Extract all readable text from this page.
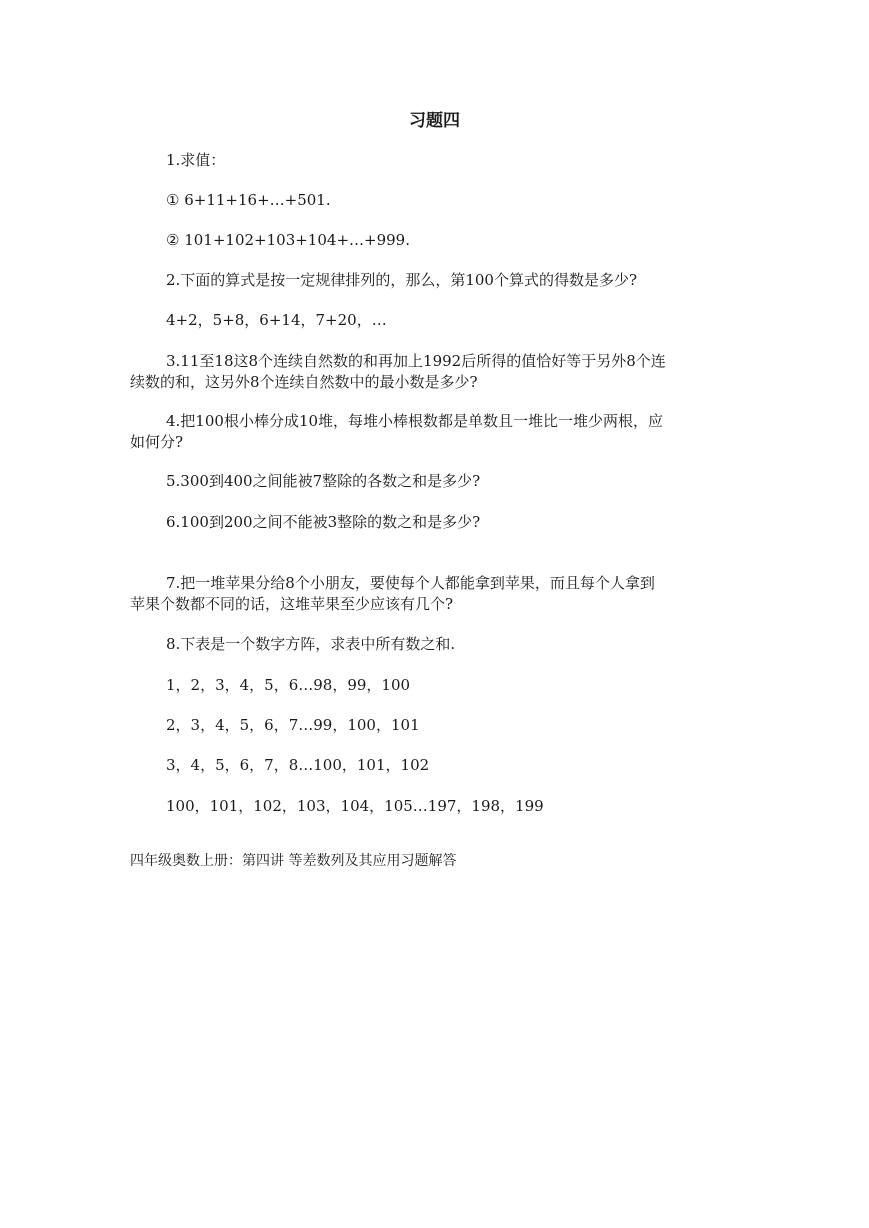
习题四
1.求值：
① 6+11+16+…+501.
② 101+102+103+104+…+999.
2.下面的算式是按一定规律排列的，那么，第100个算式的得数是多少?
4+2，5+8，6+14，7+20，…
3.11至18这8个连续自然数的和再加上1992后所得的值恰好等于另外8个连
续数的和，这另外8个连续自然数中的最小数是多少?
4.把100根小棒分成10堆，每堆小棒根数都是单数且一堆比一堆少两根，应
如何分?
5.300到400之间能被7整除的各数之和是多少?
6.100到200之间不能被3整除的数之和是多少?
7.把一堆苹果分给8个小朋友，要使每个人都能拿到苹果，而且每个人拿到
苹果个数都不同的话，这堆苹果至少应该有几个?
8.下表是一个数字方阵，求表中所有数之和.
1，2，3，4，5，6…98，99，100
2，3，4，5，6，7…99，100，101
3，4，5，6，7，8…100，101，102
100，101，102，103，104，105…197，198，199
四年级奥数上册：第四讲 等差数列及其应用习题解答
